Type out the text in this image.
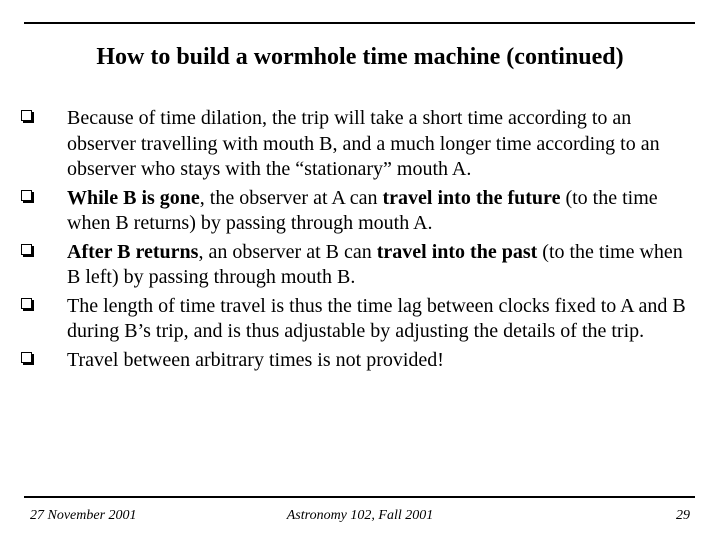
How to build a wormhole time machine (continued)
Because of time dilation, the trip will take a short time according to an observer travelling with mouth B, and a much longer time according to an observer who stays with the “stationary” mouth A.
While B is gone, the observer at A can travel into the future (to the time when B returns) by passing through mouth A.
After B returns, an observer at B can travel into the past (to the time when B left) by passing through mouth B.
The length of time travel is thus the time lag between clocks fixed to A and B during B’s trip, and is thus adjustable by adjusting the details of the trip.
Travel between arbitrary times is not provided!
27 November 2001	Astronomy 102, Fall 2001	29
